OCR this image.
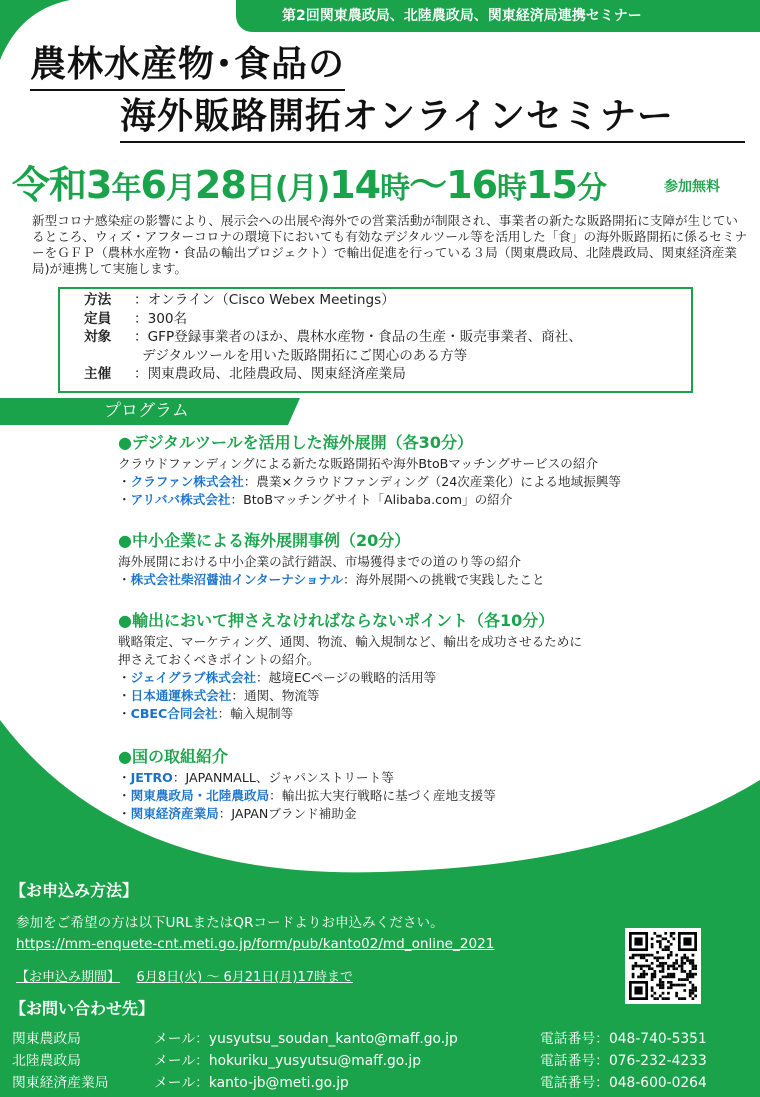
第2回関東農政局、北陸農政局、関東経済局連携セミナー
農林水産物･食品の
海外販路開拓オンラインセミナー
令和3年6月28日(月)14時～16時15分	参加無料
新型コロナ感染症の影響により、展示会への出展や海外での営業活動が制限され、事業者の新たな販路開拓に支障が生じているところ、ウィズ・アフターコロナの環境下においても有効なデジタルツール等を活用した「食」の海外販路開拓に係るセミナーをＧＦＰ（農林水産物・食品の輸出プロジェクト）で輸出促進を行っている３局（関東農政局、北陸農政局、関東経済産業局)が連携して実施します。
方法	：オンライン（Cisco Webex Meetings）
定員	：300名
対象	：GFP登録事業者のほか、農林水産物・食品の生産・販売事業者、商社、
デジタルツールを用いた販路開拓にご関心のある方等
主催	：関東農政局、北陸農政局、関東経済産業局
プログラム
●デジタルツールを活用した海外展開（各30分）
クラウドファンディングによる新たな販路開拓や海外BtoBマッチングサービスの紹介
・クラファン株式会社：農業×クラウドファンディング（24次産業化）による地域振興等
・アリババ株式会社：BtoBマッチングサイト「Alibaba.com」の紹介
●中小企業による海外展開事例（20分）
海外展開における中小企業の試行錯誤、市場獲得までの道のり等の紹介
・株式会社柴沼醤油インターナショナル：海外展開への挑戦で実践したこと
●輸出において押さえなければならないポイント（各10分）
戦略策定、マーケティング、通関、物流、輸入規制など、輸出を成功させるために
押さえておくべきポイントの紹介。
・ジェイグラブ株式会社：越境ECページの戦略的活用等
・日本通運株式会社：通関、物流等
・CBEC合同会社：輸入規制等
●国の取組紹介
・JETRO：JAPANMALL、ジャパンストリート等
・関東農政局・北陸農政局：輸出拡大実行戦略に基づく産地支援等
・関東経済産業局：JAPANブランド補助金
【お申込み方法】
参加をご希望の方は以下URLまたはQRコードよりお申込みください。
https://mm-enquete-cnt.meti.go.jp/form/pub/kanto02/md_online_2021
【お申込み期間】 6月8日(火) ～ 6月21日(月)17時まで
【お問い合わせ先】
関東農政局	メール：yusyutsu_soudan_kanto@maff.go.jp	電話番号：048-740-5351
北陸農政局	メール：hokuriku_yusyutsu@maff.go.jp	電話番号：076-232-4233
関東経済産業局	メール：kanto-jb@meti.go.jp	電話番号：048-600-0264
